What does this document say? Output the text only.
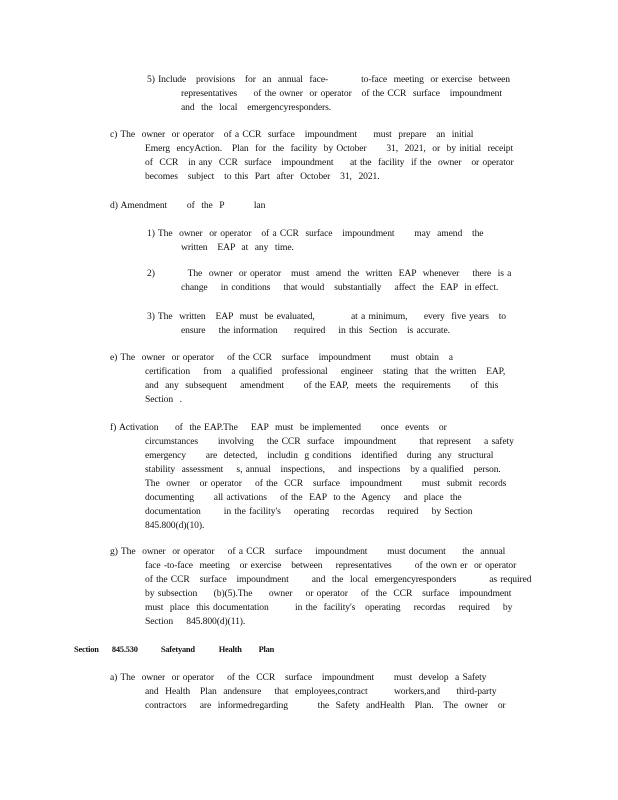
5) Include   provisions   for  an  annual  face-          to-face  meeting  or exercise  between
representatives     of the owner  or operator   of the CCR  surface   impoundment
and  the  local   emergencyresponders.
c) The  owner  or operator   of a CCR  surface   impoundment     must  prepare   an  initial
Emerg  encyAction.   Plan  for  the  facility  by October      31,  2021,  or  by initial  receipt
of  CCR   in any  CCR  surface   impoundment     at the  facility  if the  owner   or operator
becomes   subject   to this  Part  after  October   31,  2021.
d) Amendment      of  the  P         lan
1) The  owner  or operator   of a CCR  surface   impoundment      may  amend   the
written   EAP  at  any  time.
2)          The  owner  or operator   must  amend  the  written  EAP  whenever    there  is a
change    in conditions    that would   substantially    affect  the  EAP  in effect.
3) The  written   EAP  must  be evaluated,           at a minimum,     every  five years   to
ensure    the information     required    in this  Section   is accurate.
e) The  owner  or operator    of the CCR   surface   impoundment      must  obtain   a
certification    from   a qualified   professional    engineer   stating  that  the written   EAP,
and  any  subsequent    amendment      of the EAP,  meets  the  requirements      of  this
Section  .
f) Activation     of  the EAP.The    EAP  must  be implemented      once  events   or
circumstances      involving    the CCR  surface   impoundment       that represent    a safety
emergency      are  detected,   includin  g conditions   identified   during  any  structural
stability  assessment    s, annual   inspections,    and  inspections   by a qualified   person.
The  owner   or operator    of the  CCR   surface   impoundment      must  submit  records
documenting      all activations    of the  EAP  to the  Agency    and  place  the
documentation       in the facility's    operating    recordas    required    by Section
845.800(d)(10).
g) The  owner  or operator    of a CCR   surface    impoundment      must document     the  annual
face -to-face  meeting   or exercise   between    representatives       of the own er  or operator
of the CCR   surface   impoundment       and  the  local  emergencyresponders          as required
by subsection     (b)(5).The     owner    or operator    of  the  CCR   surface   impoundment
must  place  this documentation        in the  facility's   operating    recordas    required    by
Section    845.800(d)(11).
Section 845.530	Safetyand	Health Plan
a) The  owner  or operator    of the  CCR   surface   impoundment      must  develop  a Safety
and  Health   Plan  andensure    that  employees,contract        workers,and     third-party
contractors    are  informedregarding         the  Safety  andHealth   Plan.   The  owner   or
